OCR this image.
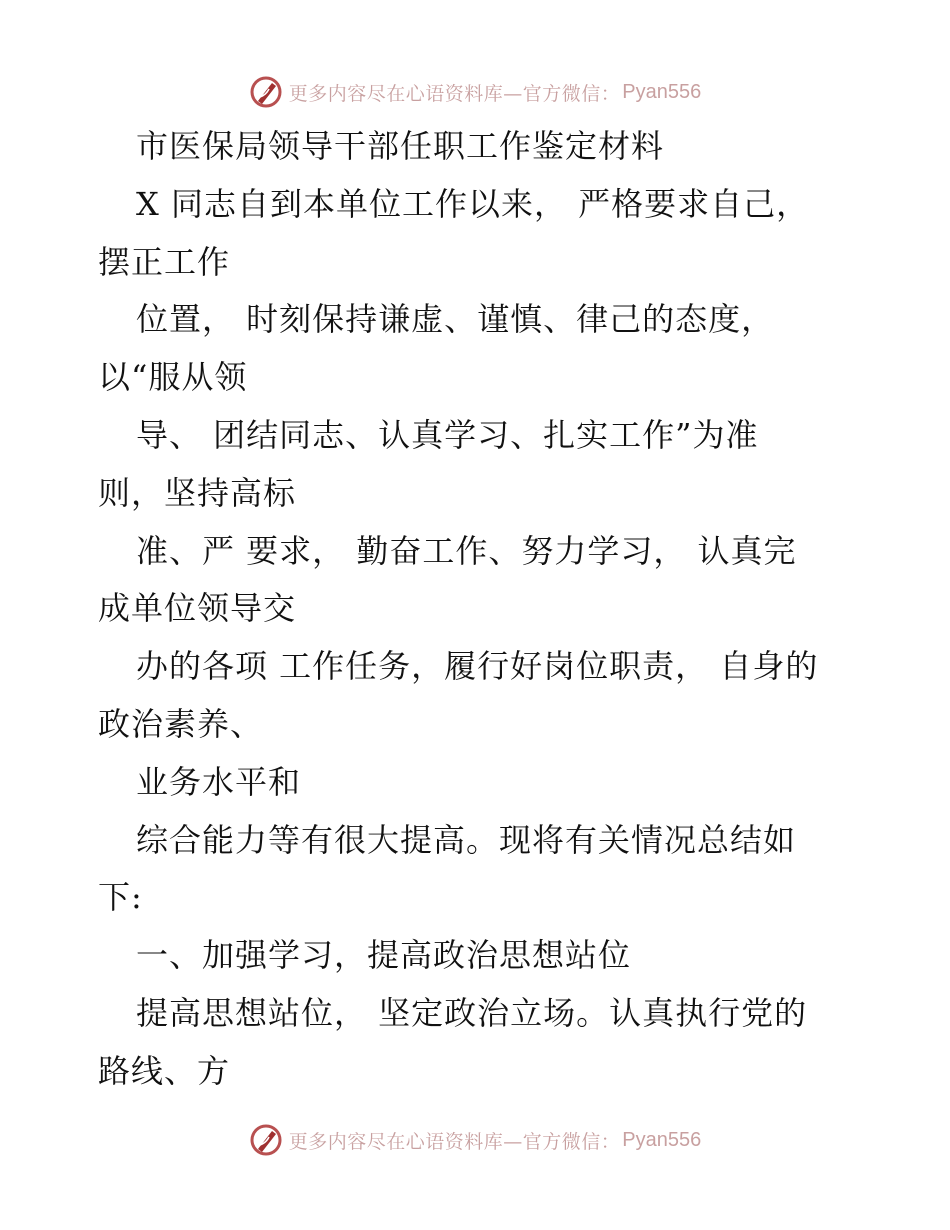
更多内容尽在心语资料库—官方微信： Pyan556
市医保局领导干部任职工作鉴定材料
X 同志自到本单位工作以来， 严格要求自己，
摆正工作
位置， 时刻保持谦虚、谨慎、律己的态度，
以“服从领
导、 团结同志、认真学习、扎实工作”为准
则，坚持高标
准、严 要求， 勤奋工作、努力学习， 认真完
成单位领导交
办的各项 工作任务，履行好岗位职责， 自身的
政治素养、
业务水平和
综合能力等有很大提高。现将有关情况总结如
下:
一、加强学习，提高政治思想站位
提高思想站位， 坚定政治立场。认真执行党的
路线、方
更多内容尽在心语资料库—官方微信： Pyan556
